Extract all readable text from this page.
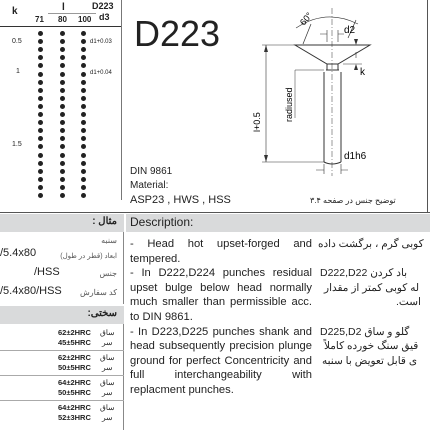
k	l
71 80 100
D223
d3
0.5
1
1.5
d1+0.03
d1+0.04
D223
DIN 9861
Material:
ASP23 , HWS , HSS	توضیح جنس در صفحه ۳.۴
60°
d2
k
radiused
l+0.5
d1h6
مثال :
سنبه
ابعاد (قطر در طول)
/5.4x80
جنس
/HSS
کد سفارش
/5.4x80/HSS
سختی:
62±2HRC
45±5HRC
ساق
سر
62±2HRC
50±5HRC
ساق
سر
64±2HRC
50±5HRC
ساق
سر
64±2HRC
52±3HRC
ساق
سر
Description:

- Head hot upset-forged and tempered.

- In D222,D224 punches residual upset bulge below head normally much smaller than permissible acc. to DIN 9861.

- In D223,D225 punches shank and head subsequently precision plunge ground for perfect Concentricity and full interchangeability with replacment punches.

کوبی گرم ، برگشت داده
D222,D22 باد کردن
له کوبی کمتر از مقدار
است.
D225,D2 گلو و ساق
قیق سنگ خورده کاملاً
ی قابل تعویض با سنبه
